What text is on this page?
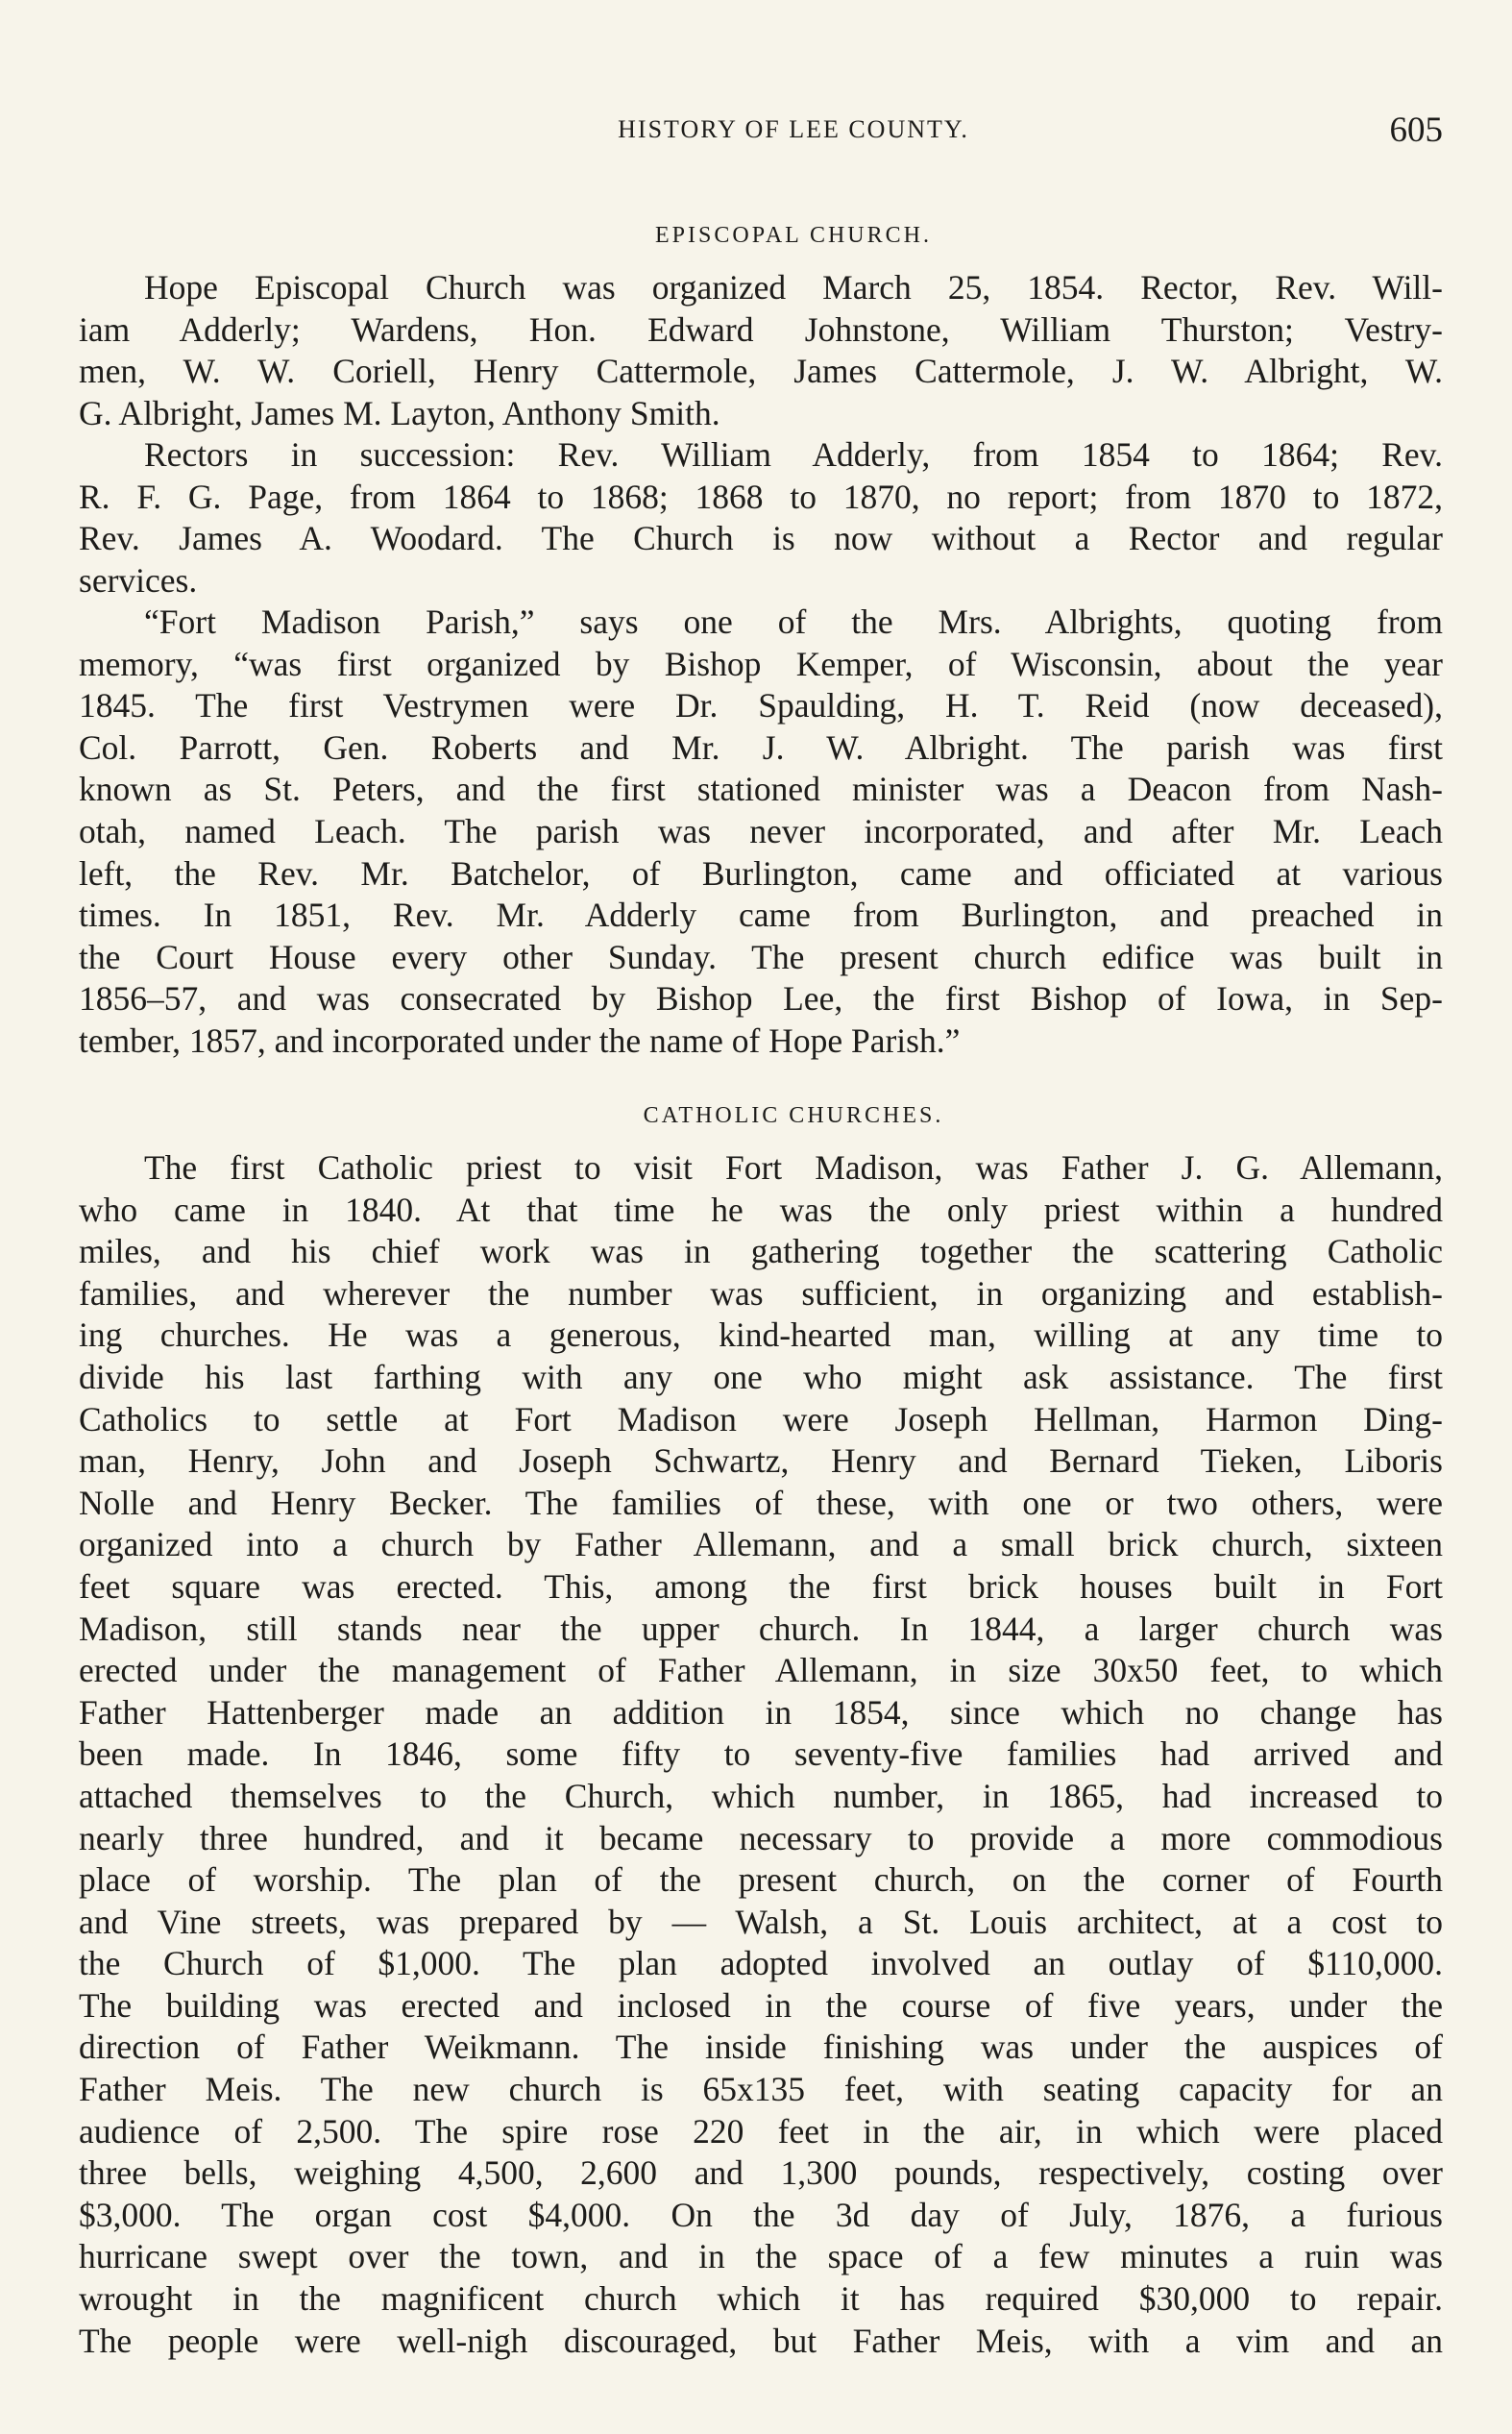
HISTORY OF LEE COUNTY.	605
EPISCOPAL CHURCH.

Hope Episcopal Church was organized March 25, 1854. Rector, Rev. Will-
iam Adderly; Wardens, Hon. Edward Johnstone, William Thurston; Vestry-
men, W. W. Coriell, Henry Cattermole, James Cattermole, J. W. Albright, W.
G. Albright, James M. Layton, Anthony Smith.

Rectors in succession: Rev. William Adderly, from 1854 to 1864; Rev.
R. F. G. Page, from 1864 to 1868; 1868 to 1870, no report; from 1870 to 1872,
Rev. James A. Woodard. The Church is now without a Rector and regular
services.

“Fort Madison Parish,” says one of the Mrs. Albrights, quoting from
memory, “was first organized by Bishop Kemper, of Wisconsin, about the year
1845. The first Vestrymen were Dr. Spaulding, H. T. Reid (now deceased),
Col. Parrott, Gen. Roberts and Mr. J. W. Albright. The parish was first
known as St. Peters, and the first stationed minister was a Deacon from Nash-
otah, named Leach. The parish was never incorporated, and after Mr. Leach
left, the Rev. Mr. Batchelor, of Burlington, came and officiated at various
times. In 1851, Rev. Mr. Adderly came from Burlington, and preached in
the Court House every other Sunday. The present church edifice was built in
1856–57, and was consecrated by Bishop Lee, the first Bishop of Iowa, in Sep-
tember, 1857, and incorporated under the name of Hope Parish.”

CATHOLIC CHURCHES.

The first Catholic priest to visit Fort Madison, was Father J. G. Allemann,
who came in 1840. At that time he was the only priest within a hundred
miles, and his chief work was in gathering together the scattering Catholic
families, and wherever the number was sufficient, in organizing and establish-
ing churches. He was a generous, kind-hearted man, willing at any time to
divide his last farthing with any one who might ask assistance. The first
Catholics to settle at Fort Madison were Joseph Hellman, Harmon Ding-
man, Henry, John and Joseph Schwartz, Henry and Bernard Tieken, Liboris
Nolle and Henry Becker. The families of these, with one or two others, were
organized into a church by Father Allemann, and a small brick church, sixteen
feet square was erected. This, among the first brick houses built in Fort
Madison, still stands near the upper church. In 1844, a larger church was
erected under the management of Father Allemann, in size 30x50 feet, to which
Father Hattenberger made an addition in 1854, since which no change has
been made. In 1846, some fifty to seventy-five families had arrived and
attached themselves to the Church, which number, in 1865, had increased to
nearly three hundred, and it became necessary to provide a more commodious
place of worship. The plan of the present church, on the corner of Fourth
and Vine streets, was prepared by — Walsh, a St. Louis architect, at a cost to
the Church of $1,000. The plan adopted involved an outlay of $110,000.
The building was erected and inclosed in the course of five years, under the
direction of Father Weikmann. The inside finishing was under the auspices of
Father Meis. The new church is 65x135 feet, with seating capacity for an
audience of 2,500. The spire rose 220 feet in the air, in which were placed
three bells, weighing 4,500, 2,600 and 1,300 pounds, respectively, costing over
$3,000. The organ cost $4,000. On the 3d day of July, 1876, a furious
hurricane swept over the town, and in the space of a few minutes a ruin was
wrought in the magnificent church which it has required $30,000 to repair.
The people were well-nigh discouraged, but Father Meis, with a vim and an
